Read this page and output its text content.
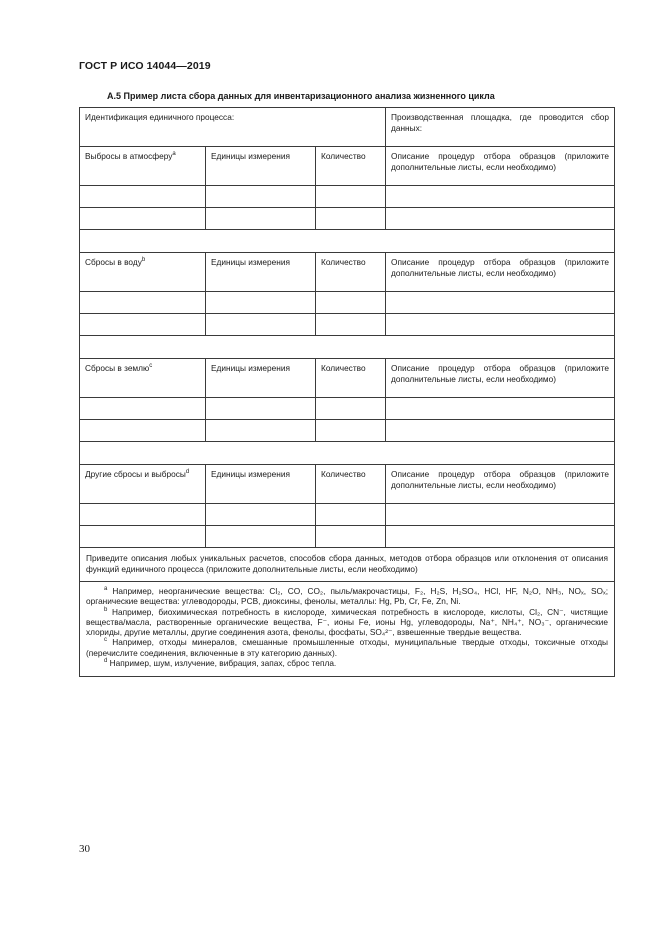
ГОСТ Р ИСО 14044—2019
А.5 Пример листа сбора данных для инвентаризационного анализа жизненного цикла
Идентификация единичного процесса:			Производственная площадка, где проводится сбор данных:
Выбросы в атмосферу$^a$	Единицы измерения	Количество	Описание процедур отбора образцов (приложите дополнительные листы, если необходимо)

Сбросы в воду$^b$	Единицы измерения	Количество	Описание процедур отбора образцов (приложите дополнительные листы, если необходимо)

Сбросы в землю$^c$	Единицы измерения	Количество	Описание процедур отбора образцов (приложите дополнительные листы, если необходимо)

Другие сбросы и выбросы$^d$	Единицы измерения	Количество	Описание процедур отбора образцов (приложите дополнительные листы, если необходимо)

Приведите описания любых уникальных расчетов, способов сбора данных, методов отбора образцов или отклонения от описания функций единичного процесса (приложите дополнительные листы, если необходимо)			

$^a$ Например, неорганические вещества: Cl₂, CO, CO₂, пыль/макрочастицы, F₂, H₂S, H₂SO₄, HCl, HF, N₂O, NH₃, NOₓ, SOₓ; органические вещества: углеводороды, PCB, диоксины, фенолы, металлы: Hg, Pb, Cr, Fe, Zn, Ni.

$^b$ Например, биохимическая потребность в кислороде, химическая потребность в кислороде, кислоты, Cl₂, CN⁻, чистящие вещества/масла, растворенные органические вещества, F⁻, ионы Fe, ионы Hg, углеводороды, Na⁺, NH₄⁺, NO₃⁻, органические хлориды, другие металлы, другие соединения азота, фенолы, фосфаты, SO₄²⁻, взвешенные твердые вещества.

$^c$ Например, отходы минералов, смешанные промышленные отходы, муниципальные твердые отходы, токсичные отходы (перечислите соединения, включенные в эту категорию данных).

$^d$ Например, шум, излучение, вибрация, запах, сброс тепла.			

30
